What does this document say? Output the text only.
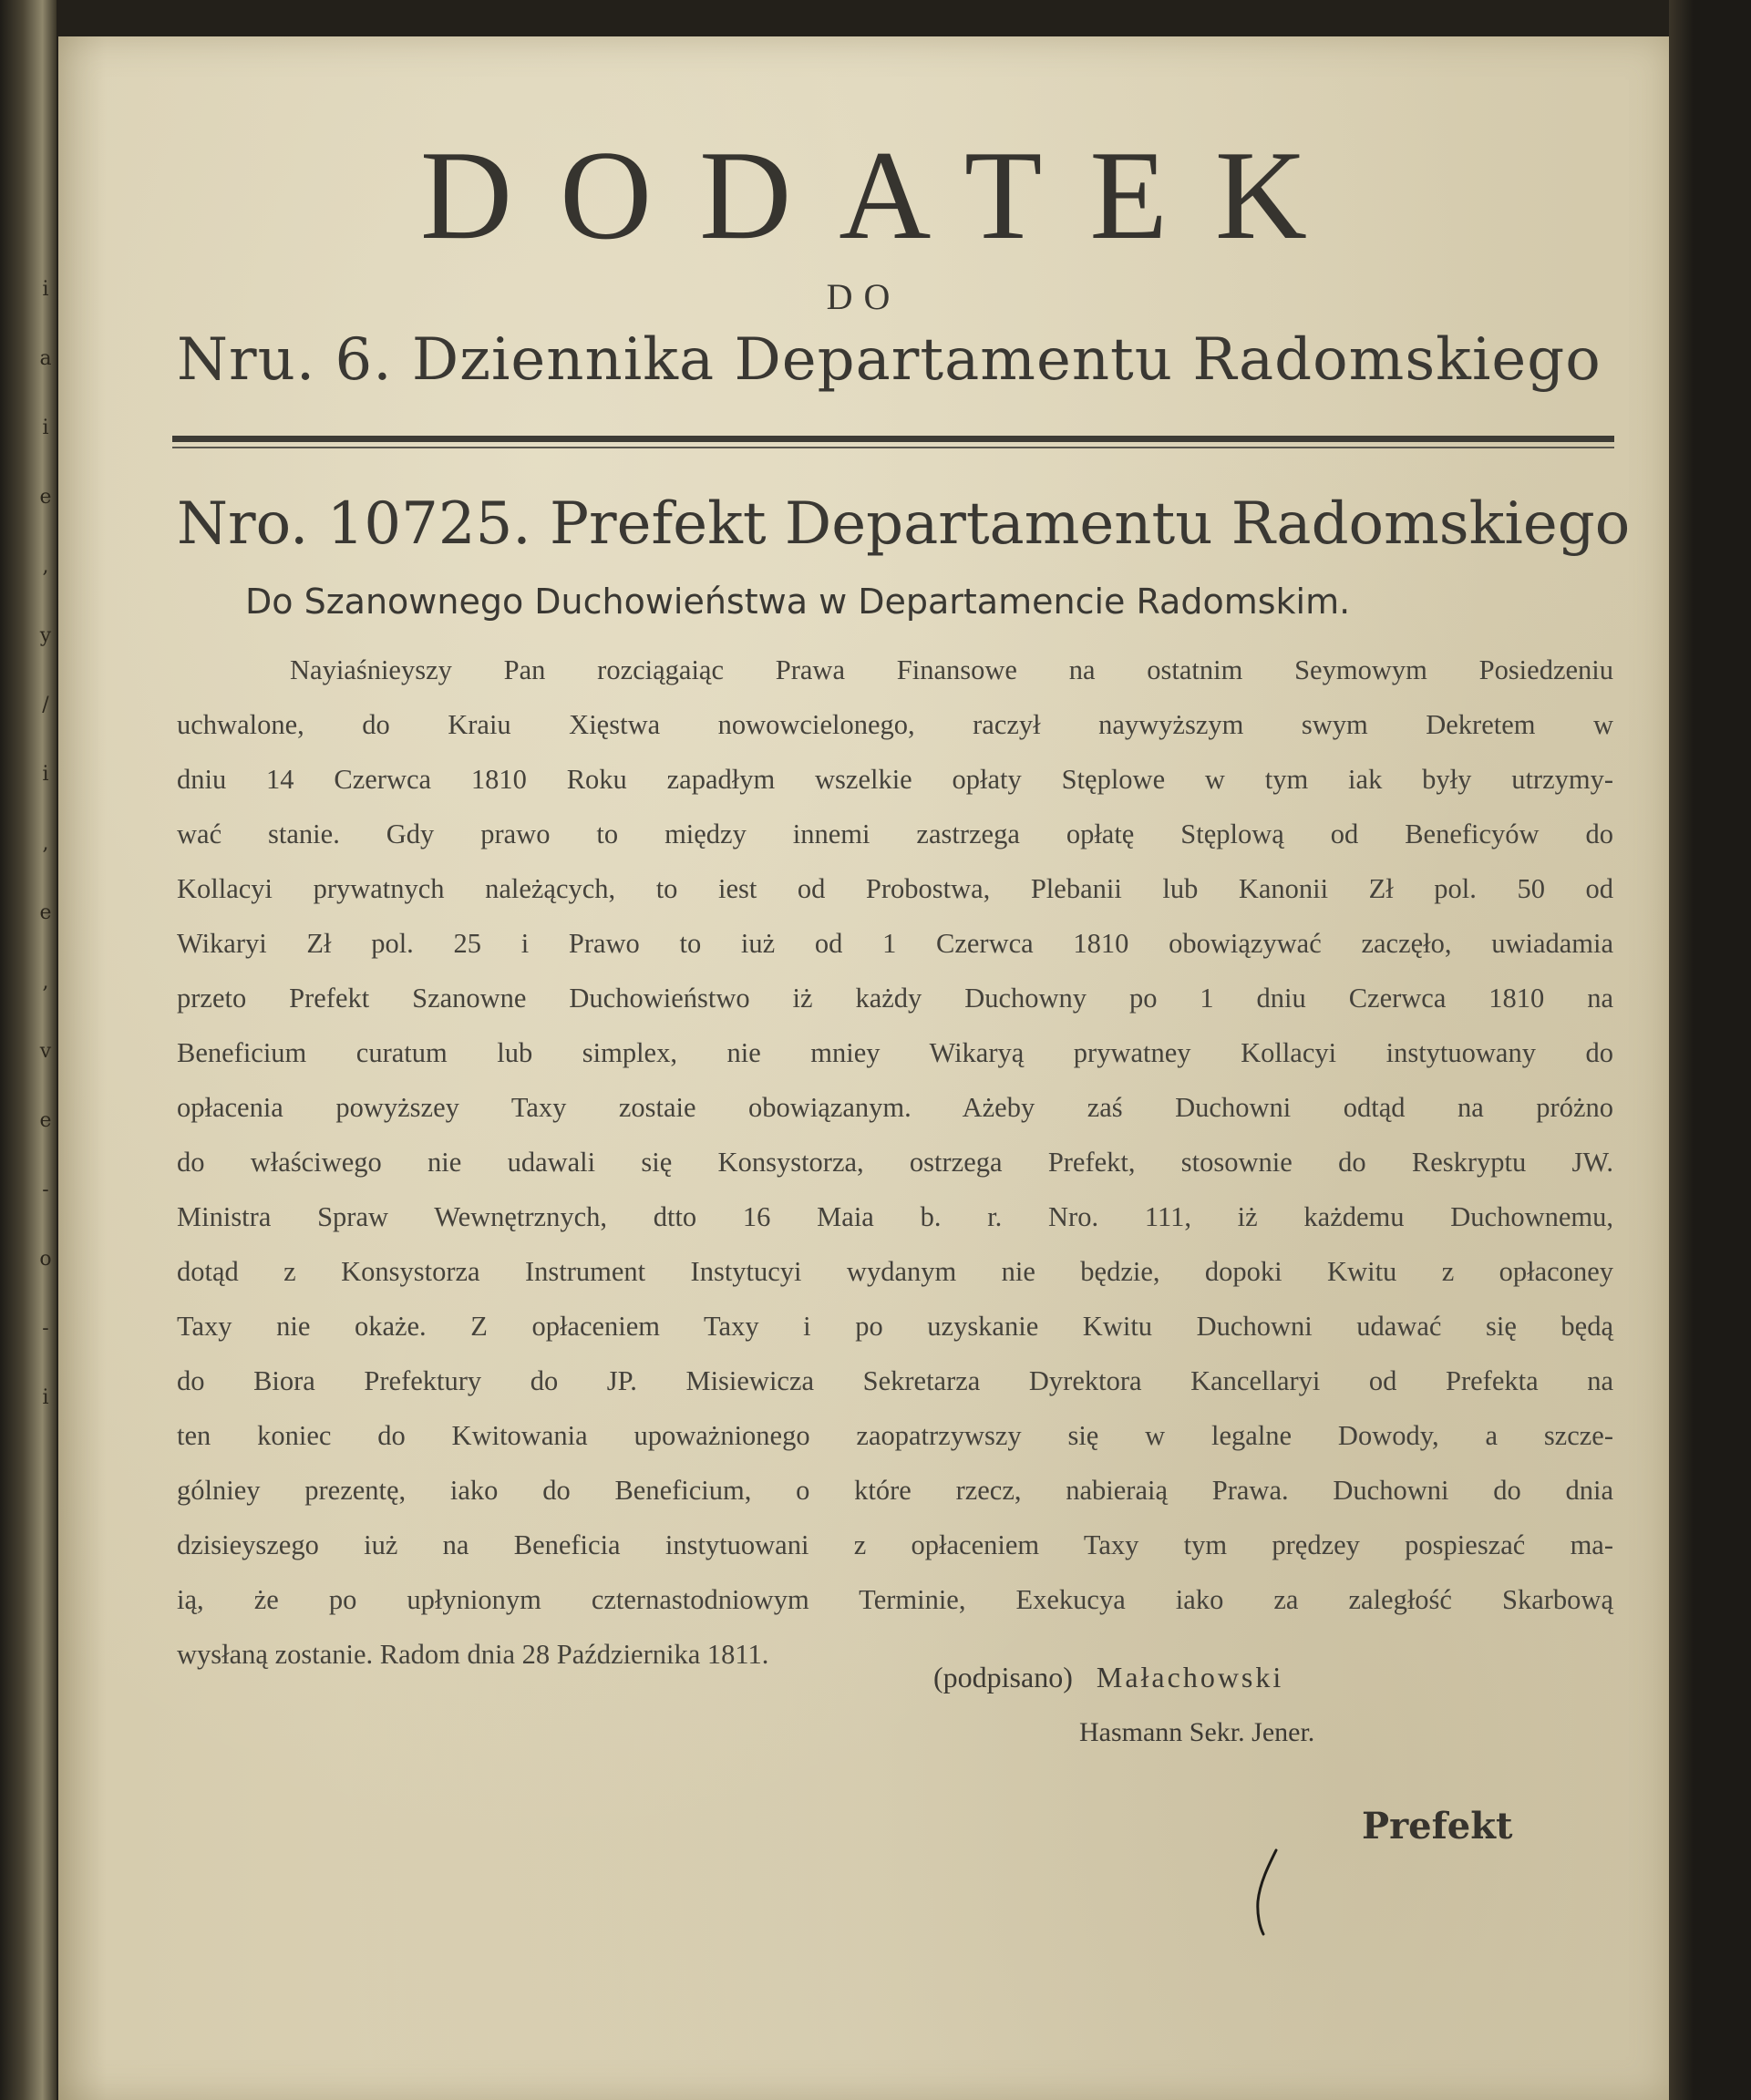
i
a
i
e
,
y
/
i
,
e
,
v
e
-
o
-
i
DODATEK
DO
Nru. 6. Dziennika Departamentu Radomskiego
Nro. 10725. Prefekt Departamentu Radomskiego
Do Szanownego Duchowieństwa w Departamencie Radomskim.
Nayiaśnieyszy Pan rozciągaiąc Prawa Finansowe na ostatnim Seymowym Posiedzeniu
uchwalone, do Kraiu Xięstwa nowowcielonego, raczył naywyższym swym Dekretem w
dniu 14 Czerwca 1810 Roku zapadłym wszelkie opłaty Stęplowe w tym iak były utrzymy-
wać stanie. Gdy prawo to między innemi zastrzega opłatę Stęplową od Beneficyów do
Kollacyi prywatnych należących, to iest od Probostwa, Plebanii lub Kanonii Zł pol. 50 od
Wikaryi Zł pol. 25 i Prawo to iuż od 1 Czerwca 1810 obowiązywać zaczęło, uwiadamia
przeto Prefekt Szanowne Duchowieństwo iż każdy Duchowny po 1 dniu Czerwca 1810 na
Beneficium curatum lub simplex, nie mniey Wikaryą prywatney Kollacyi instytuowany do
opłacenia powyższey Taxy zostaie obowiązanym. Ażeby zaś Duchowni odtąd na próżno
do właściwego nie udawali się Konsystorza, ostrzega Prefekt, stosownie do Reskryptu JW.
Ministra Spraw Wewnętrznych, dtto 16 Maia b. r. Nro. 111, iż każdemu Duchownemu,
dotąd z Konsystorza Instrument Instytucyi wydanym nie będzie, dopoki Kwitu z opłaconey
Taxy nie okaże. Z opłaceniem Taxy i po uzyskanie Kwitu Duchowni udawać się będą
do Biora Prefektury do JP. Misiewicza Sekretarza Dyrektora Kancellaryi od Prefekta na
ten koniec do Kwitowania upoważnionego zaopatrzywszy się w legalne Dowody, a szcze-
gólniey prezentę, iako do Beneficium, o które rzecz, nabieraią Prawa. Duchowni do dnia
dzisieyszego iuż na Beneficia instytuowani z opłaceniem Taxy tym prędzey pospieszać ma-
ią, że po upłynionym czternastodniowym Terminie, Exekucya iako za zaległość Skarbową
wysłaną zostanie. Radom dnia 28 Października 1811.
(podpisano) Małachowski
Hasmann Sekr. Jener.
Prefekt
